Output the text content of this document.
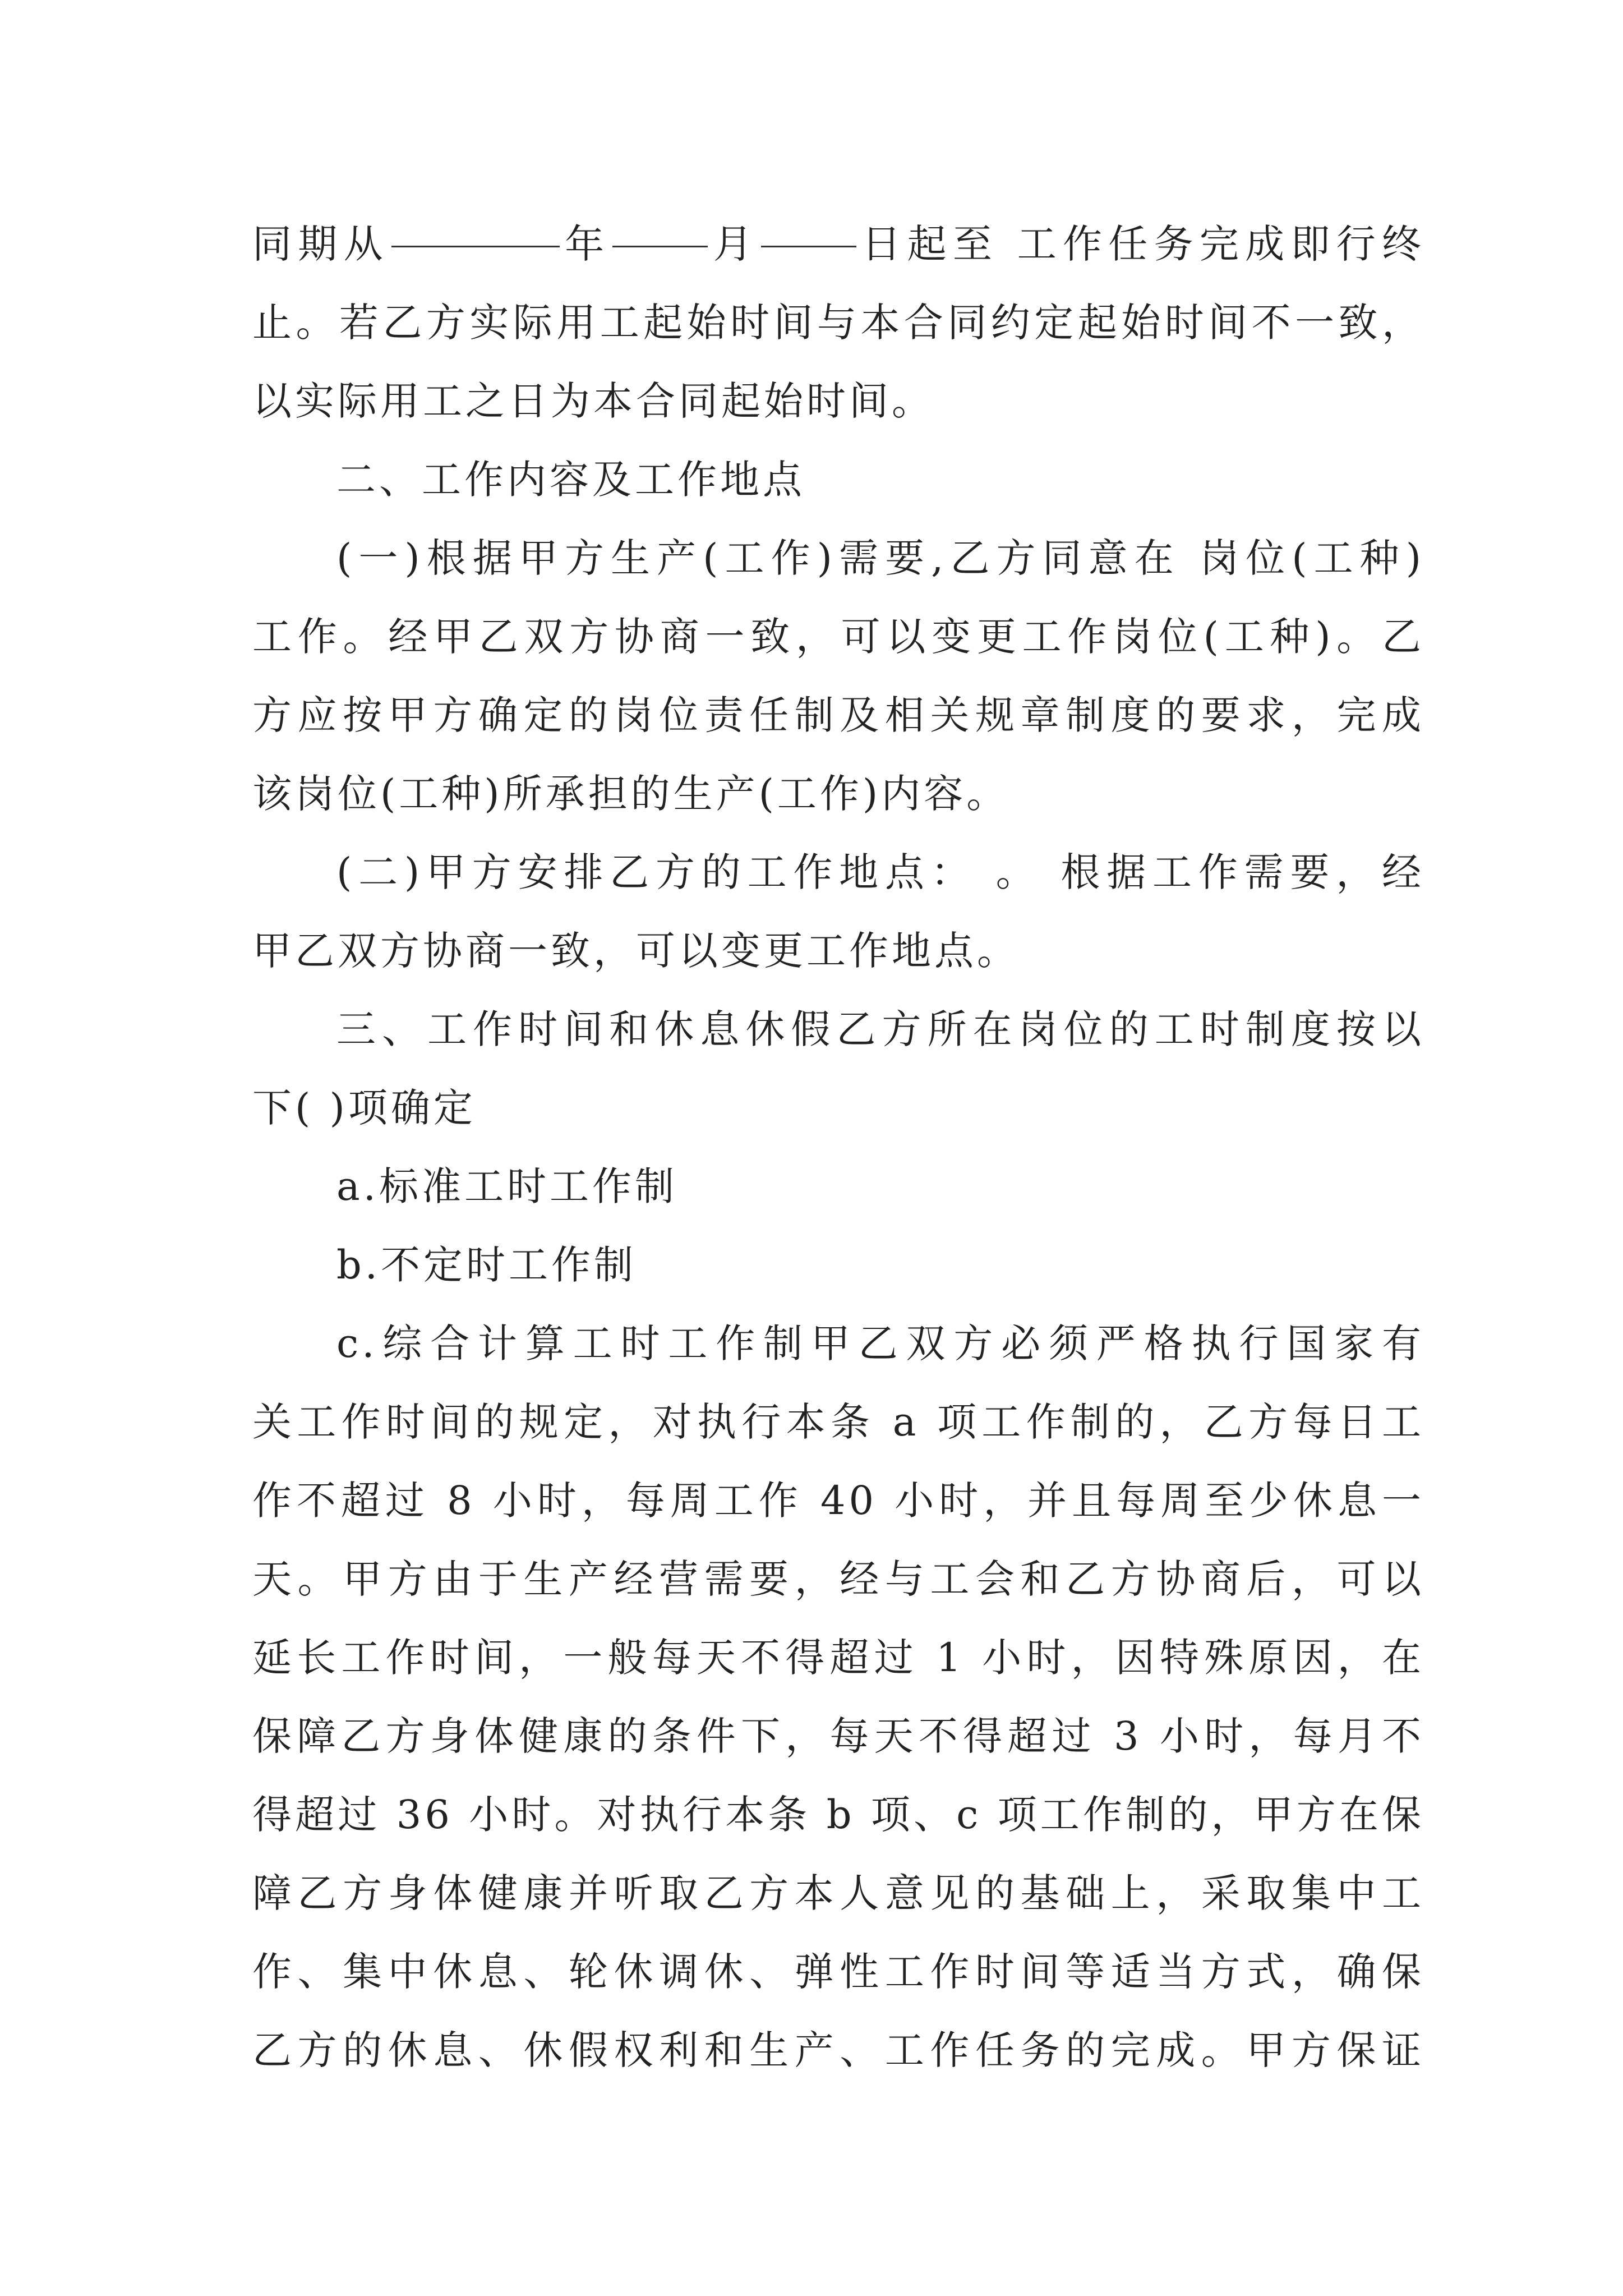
同期从	年	月	日起至 工作任务完成即行终
止。若乙方实际用工起始时间与本合同约定起始时间不一致，
以实际用工之日为本合同起始时间。
二、工作内容及工作地点
(一)根据甲方生产(工作)需要,乙方同意在 岗位(工种)
工作。经甲乙双方协商一致，可以变更工作岗位(工种)。乙
方应按甲方确定的岗位责任制及相关规章制度的要求，完成
该岗位(工种)所承担的生产(工作)内容。
(二)甲方安排乙方的工作地点： 。 根据工作需要，经
甲乙双方协商一致，可以变更工作地点。
三、工作时间和休息休假乙方所在岗位的工时制度按以
下( )项确定
a.标准工时工作制
b.不定时工作制
c.综合计算工时工作制甲乙双方必须严格执行国家有
关工作时间的规定，对执行本条 a 项工作制的，乙方每日工
作不超过 8 小时，每周工作 40 小时，并且每周至少休息一
天。甲方由于生产经营需要，经与工会和乙方协商后，可以
延长工作时间，一般每天不得超过 1 小时，因特殊原因，在
保障乙方身体健康的条件下，每天不得超过 3 小时，每月不
得超过 36 小时。对执行本条 b 项、c 项工作制的，甲方在保
障乙方身体健康并听取乙方本人意见的基础上，采取集中工
作、集中休息、轮休调休、弹性工作时间等适当方式，确保
乙方的休息、休假权利和生产、工作任务的完成。甲方保证
